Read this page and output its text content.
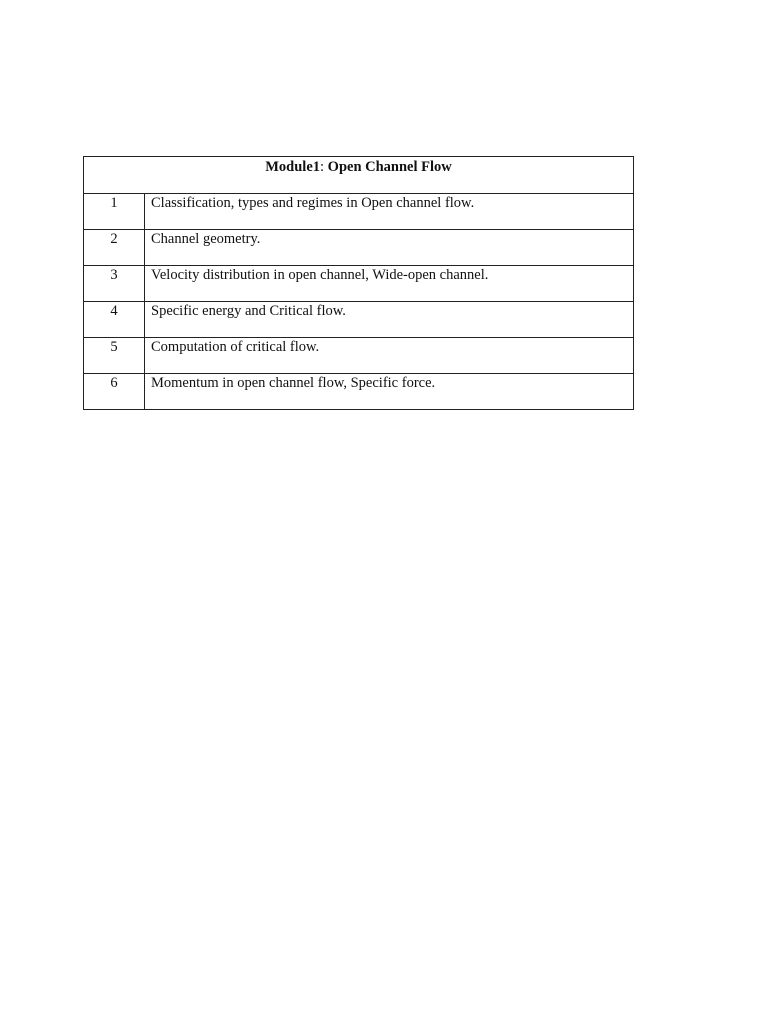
Module1: Open Channel Flow	
1	Classification, types and regimes in Open channel flow.
2	Channel geometry.
3	Velocity distribution in open channel, Wide-open channel.
4	Specific energy and Critical flow.
5	Computation of critical flow.
6	Momentum in open channel flow, Specific force.
